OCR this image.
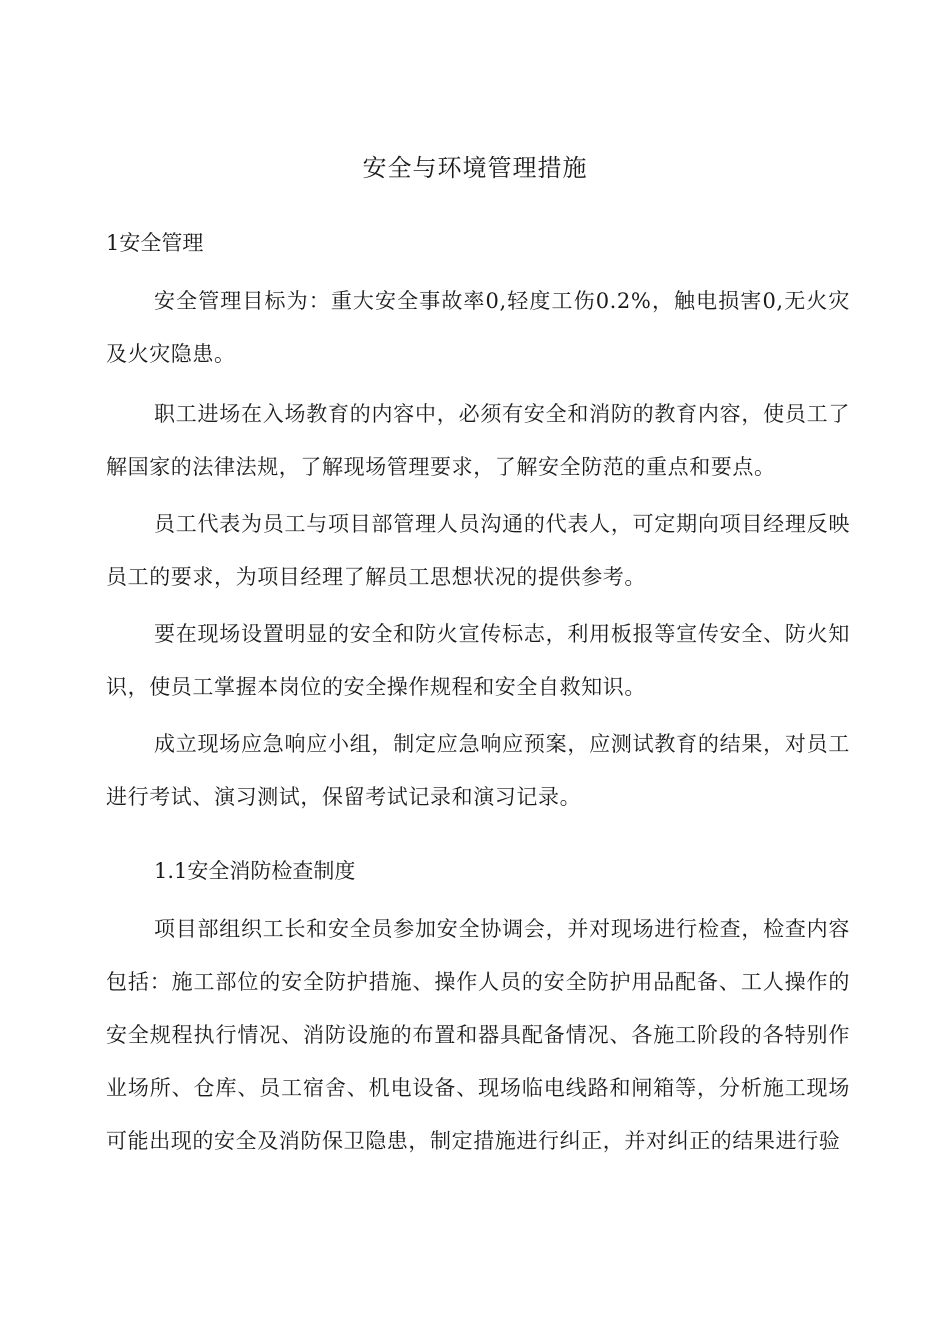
安全与环境管理措施
1安全管理

安全管理目标为：重大安全事故率0,轻度工伤0.2%，触电损害0,无火灾及火灾隐患。

职工进场在入场教育的内容中，必须有安全和消防的教育内容，使员工了解国家的法律法规，了解现场管理要求，了解安全防范的重点和要点。

员工代表为员工与项目部管理人员沟通的代表人，可定期向项目经理反映员工的要求，为项目经理了解员工思想状况的提供参考。

要在现场设置明显的安全和防火宣传标志，利用板报等宣传安全、防火知识，使员工掌握本岗位的安全操作规程和安全自救知识。

成立现场应急响应小组，制定应急响应预案，应测试教育的结果，对员工进行考试、演习测试，保留考试记录和演习记录。

1.1安全消防检查制度

项目部组织工长和安全员参加安全协调会，并对现场进行检查，检查内容包括：施工部位的安全防护措施、操作人员的安全防护用品配备、工人操作的安全规程执行情况、消防设施的布置和器具配备情况、各施工阶段的各特别作业场所、仓库、员工宿舍、机电设备、现场临电线路和闸箱等，分析施工现场可能出现的安全及消防保卫隐患，制定措施进行纠正，并对纠正的结果进行验
